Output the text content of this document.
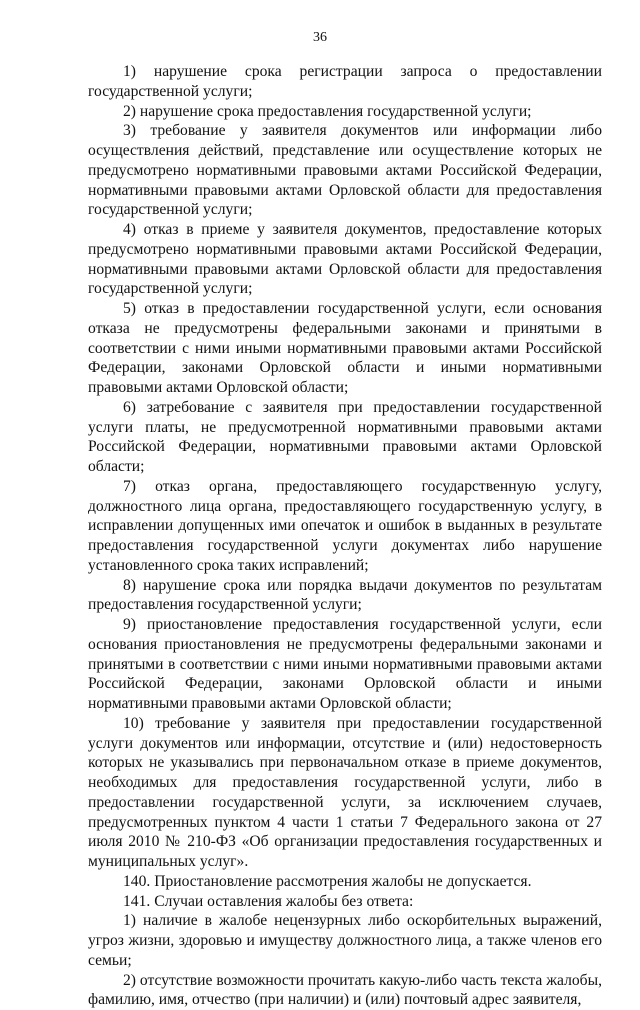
36

1) нарушение срока регистрации запроса о предоставлении государственной услуги;

2) нарушение срока предоставления государственной услуги;

3) требование у заявителя документов или информации либо осуществления действий, представление или осуществление которых не предусмотрено нормативными правовыми актами Российской Федерации, нормативными правовыми актами Орловской области для предоставления государственной услуги;

4) отказ в приеме у заявителя документов, предоставление которых предусмотрено нормативными правовыми актами Российской Федерации, нормативными правовыми актами Орловской области для предоставления государственной услуги;

5) отказ в предоставлении государственной услуги, если основания отказа не предусмотрены федеральными законами и принятыми в соответствии с ними иными нормативными правовыми актами Российской Федерации, законами Орловской области и иными нормативными правовыми актами Орловской области;

6) затребование с заявителя при предоставлении государственной услуги платы, не предусмотренной нормативными правовыми актами Российской Федерации, нормативными правовыми актами Орловской области;

7) отказ органа, предоставляющего государственную услугу, должностного лица органа, предоставляющего государственную услугу, в исправлении допущенных ими опечаток и ошибок в выданных в результате предоставления государственной услуги документах либо нарушение установленного срока таких исправлений;

8) нарушение срока или порядка выдачи документов по результатам предоставления государственной услуги;

9) приостановление предоставления государственной услуги, если основания приостановления не предусмотрены федеральными законами и принятыми в соответствии с ними иными нормативными правовыми актами Российской Федерации, законами Орловской области и иными нормативными правовыми актами Орловской области;

10) требование у заявителя при предоставлении государственной услуги документов или информации, отсутствие и (или) недостоверность которых не указывались при первоначальном отказе в приеме документов, необходимых для предоставления государственной услуги, либо в предоставлении государственной услуги, за исключением случаев, предусмотренных пунктом 4 части 1 статьи 7 Федерального закона от 27 июля 2010 № 210-ФЗ «Об организации предоставления государственных и муниципальных услуг».

140. Приостановление рассмотрения жалобы не допускается.

141. Случаи оставления жалобы без ответа:

1) наличие в жалобе нецензурных либо оскорбительных выражений, угроз жизни, здоровью и имуществу должностного лица, а также членов его семьи;

2) отсутствие возможности прочитать какую-либо часть текста жалобы, фамилию, имя, отчество (при наличии) и (или) почтовый адрес заявителя,
